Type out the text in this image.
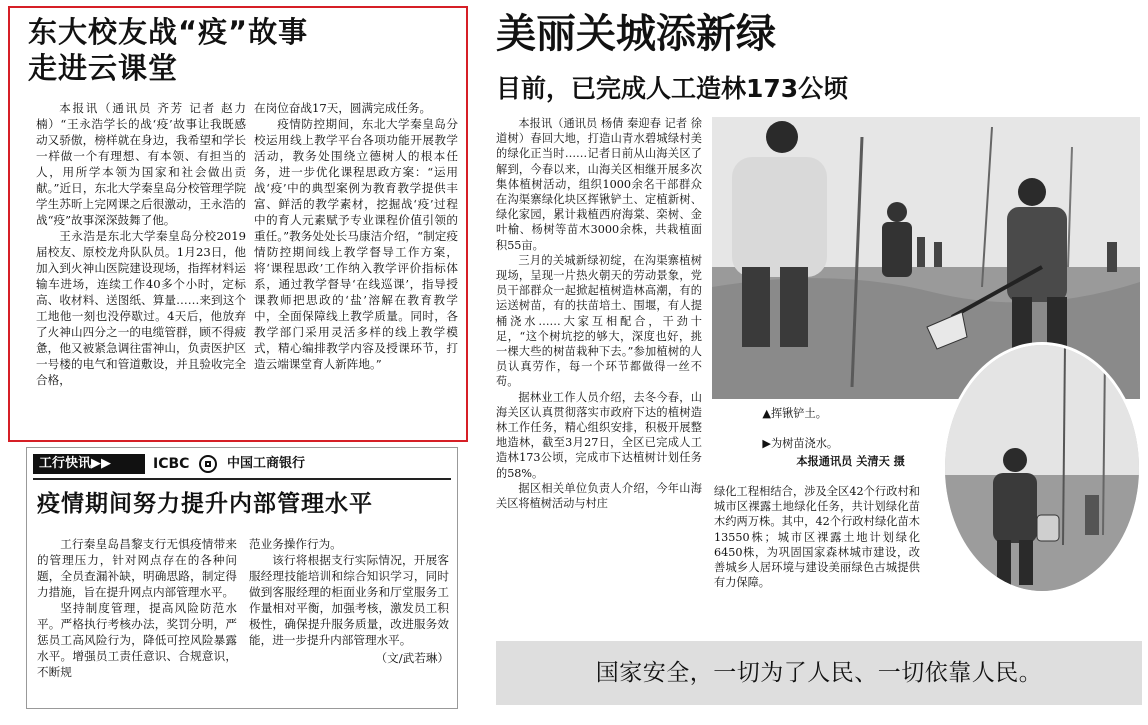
东大校友战“疫”故事
走进云课堂

本报讯（通讯员 齐芳 记者 赵力楠）“王永浩学长的战‘疫’故事让我既感动又骄傲，榜样就在身边，我希望和学长一样做一个有理想、有本领、有担当的人，用所学本领为国家和社会做出贡献。”近日，东北大学秦皇岛分校管理学院学生苏昕上完网课之后很激动，王永浩的战“疫”故事深深鼓舞了他。

王永浩是东北大学秦皇岛分校2019届校友、原校龙舟队队员。1月23日，他加入到火神山医院建设现场，指挥材料运输车进场，连续工作40多个小时，定标高、收材料、送图纸、算量……来到这个工地他一刻也没停歇过。4天后，他放弃了火神山四分之一的电缆管群，顾不得疲惫，他又被紧急调往雷神山，负责医护区一号楼的电气和管道敷设，并且验收完全合格，

在岗位奋战17天，圆满完成任务。

疫情防控期间，东北大学秦皇岛分校运用线上教学平台各项功能开展教学活动，教务处围绕立德树人的根本任务，进一步优化课程思政方案：“运用战‘疫’中的典型案例为教育教学提供丰富、鲜活的教学素材，挖掘战‘疫’过程中的育人元素赋予专业课程价值引领的重任。”教务处处长马康洁介绍，“制定疫情防控期间线上教学督导工作方案，将‘课程思政’工作纳入教学评价指标体系，通过教学督导‘在线巡课’，指导授课教师把思政的‘盐’溶解在教育教学中，全面保障线上教学质量。同时，各教学部门采用灵活多样的线上教学模式，精心编排教学内容及授课环节，打造云端课堂育人新阵地。”

工行快讯▶▶	ICBC	中国工商银行
疫情期间努力提升内部管理水平

工行秦皇岛昌黎支行无惧疫情带来的管理压力，针对网点存在的各种问题，全员查漏补缺，明确思路，制定得力措施，旨在提升网点内部管理水平。

坚持制度管理，提高风险防范水平。严格执行考核办法，奖罚分明，严惩员工高风险行为，降低可控风险暴露水平。增强员工责任意识、合规意识，不断规

范业务操作行为。

该行将根据支行实际情况，开展客服经理技能培训和综合知识学习，同时做到客服经理的柜面业务和厅堂服务工作量相对平衡，加强考核，激发员工积极性，确保提升服务质量，改进服务效能，进一步提升内部管理水平。

（文/武若琳）

美丽关城添新绿
目前，已完成人工造林173公顷

本报讯（通讯员 杨倩 秦迎春 记者 徐道树）春回大地，打造山青水碧城绿村美的绿化正当时……记者日前从山海关区了解到，今春以来，山海关区相继开展多次集体植树活动，组织1000余名干部群众在沟渠寨绿化块区挥锹铲土、定植新树、绿化家园，累计栽植西府海棠、栾树、金叶榆、杨树等苗木3000余株，共栽植面积55亩。

三月的关城新绿初绽，在沟渠寨植树现场，呈现一片热火朝天的劳动景象，党员干部群众一起掀起植树造林高潮，有的运送树苗，有的扶苗培土、围堰，有人提桶浇水……大家互相配合，干劲十足，“这个树坑挖的够大，深度也好，挑一棵大些的树苗栽种下去。”参加植树的人员认真劳作，每一个环节都做得一丝不苟。

据林业工作人员介绍，去冬今春，山海关区认真贯彻落实市政府下达的植树造林工作任务，精心组织安排，积极开展整地造林，截至3月27日，全区已完成人工造林173公顷，完成市下达植树计划任务的58%。

据区相关单位负责人介绍，今年山海关区将植树活动与村庄

▲挥锹铲土。

▶为树苗浇水。

本报通讯员 关清天 摄

绿化工程相结合，涉及全区42个行政村和城市区裸露土地绿化任务，共计划绿化苗木约两万株。其中，42个行政村绿化苗木13550株；城市区裸露土地计划绿化6450株，为巩固国家森林城市建设，改善城乡人居环境与建设美丽绿色古城提供有力保障。

国家安全，一切为了人民、一切依靠人民。
